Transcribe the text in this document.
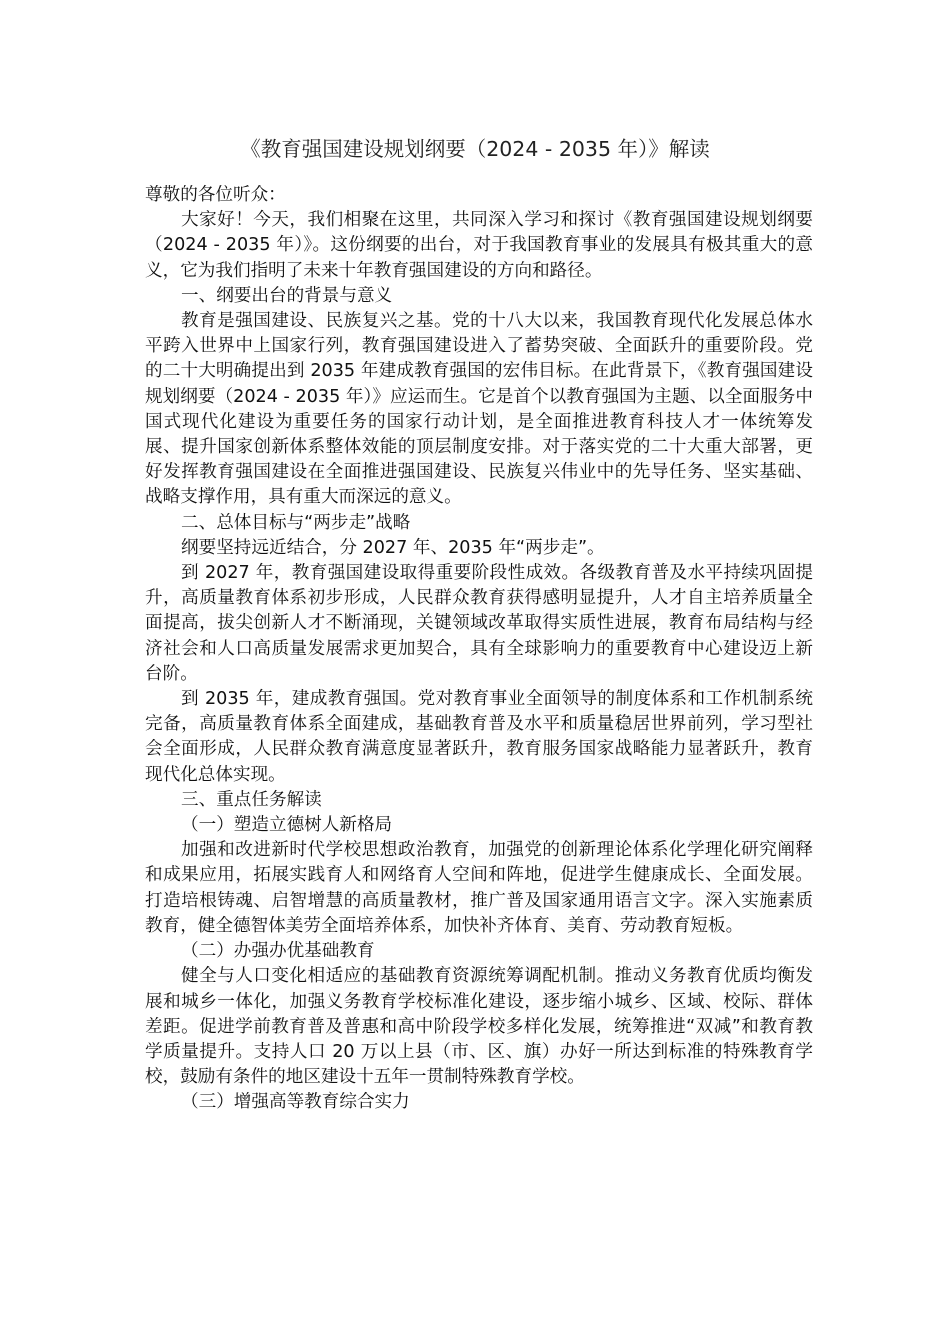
《教育强国建设规划纲要（2024 - 2035 年）》解读

尊敬的各位听众：

大家好！今天，我们相聚在这里，共同深入学习和探讨《教育强国建设规划纲要（2024 - 2035 年）》。这份纲要的出台，对于我国教育事业的发展具有极其重大的意义，它为我们指明了未来十年教育强国建设的方向和路径。

一、纲要出台的背景与意义

教育是强国建设、民族复兴之基。党的十八大以来，我国教育现代化发展总体水平跨入世界中上国家行列，教育强国建设进入了蓄势突破、全面跃升的重要阶段。党的二十大明确提出到 2035 年建成教育强国的宏伟目标。在此背景下，《教育强国建设规划纲要（2024 - 2035 年）》应运而生。它是首个以教育强国为主题、以全面服务中国式现代化建设为重要任务的国家行动计划，是全面推进教育科技人才一体统筹发展、提升国家创新体系整体效能的顶层制度安排。对于落实党的二十大重大部署，更好发挥教育强国建设在全面推进强国建设、民族复兴伟业中的先导任务、坚实基础、战略支撑作用，具有重大而深远的意义。

二、总体目标与“两步走”战略

纲要坚持远近结合，分 2027 年、2035 年“两步走”。

到 2027 年，教育强国建设取得重要阶段性成效。各级教育普及水平持续巩固提升，高质量教育体系初步形成，人民群众教育获得感明显提升，人才自主培养质量全面提高，拔尖创新人才不断涌现，关键领域改革取得实质性进展，教育布局结构与经济社会和人口高质量发展需求更加契合，具有全球影响力的重要教育中心建设迈上新台阶。

到 2035 年，建成教育强国。党对教育事业全面领导的制度体系和工作机制系统完备，高质量教育体系全面建成，基础教育普及水平和质量稳居世界前列，学习型社会全面形成，人民群众教育满意度显著跃升，教育服务国家战略能力显著跃升，教育现代化总体实现。

三、重点任务解读

（一）塑造立德树人新格局

加强和改进新时代学校思想政治教育，加强党的创新理论体系化学理化研究阐释和成果应用，拓展实践育人和网络育人空间和阵地，促进学生健康成长、全面发展。打造培根铸魂、启智增慧的高质量教材，推广普及国家通用语言文字。深入实施素质教育，健全德智体美劳全面培养体系，加快补齐体育、美育、劳动教育短板。

（二）办强办优基础教育

健全与人口变化相适应的基础教育资源统筹调配机制。推动义务教育优质均衡发展和城乡一体化，加强义务教育学校标准化建设，逐步缩小城乡、区域、校际、群体差距。促进学前教育普及普惠和高中阶段学校多样化发展，统筹推进“双减”和教育教学质量提升。支持人口 20 万以上县（市、区、旗）办好一所达到标准的特殊教育学校，鼓励有条件的地区建设十五年一贯制特殊教育学校。

（三）增强高等教育综合实力
